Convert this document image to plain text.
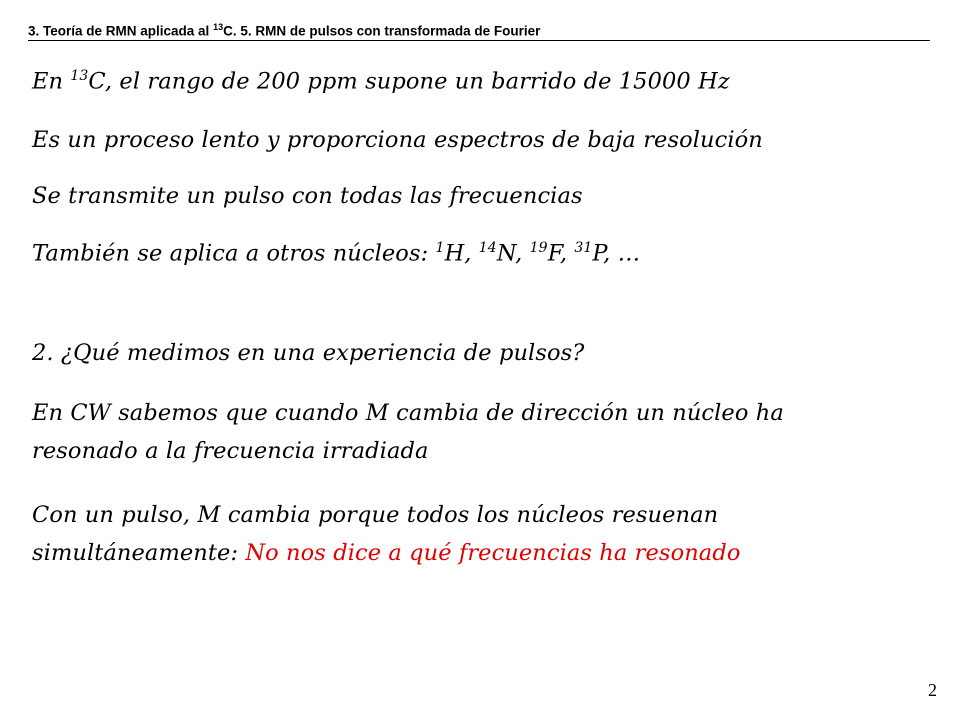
3. Teoría de RMN aplicada al $^{13}$C. 5. RMN de pulsos con transformada de Fourier
En $^{13}$C, el rango de 200 ppm supone un barrido de 15000 Hz
Es un proceso lento y proporciona espectros de baja resolución
Se transmite un pulso con todas las frecuencias
También se aplica a otros núcleos: $^1$H, $^{14}$N, $^{19}$F, $^{31}$P, …
2. ¿Qué medimos en una experiencia de pulsos?
En CW sabemos que cuando M cambia de dirección un núcleo ha
resonado a la frecuencia irradiada
Con un pulso, M cambia porque todos los núcleos resuenan
simultáneamente: No nos dice a qué frecuencias ha resonado
2
